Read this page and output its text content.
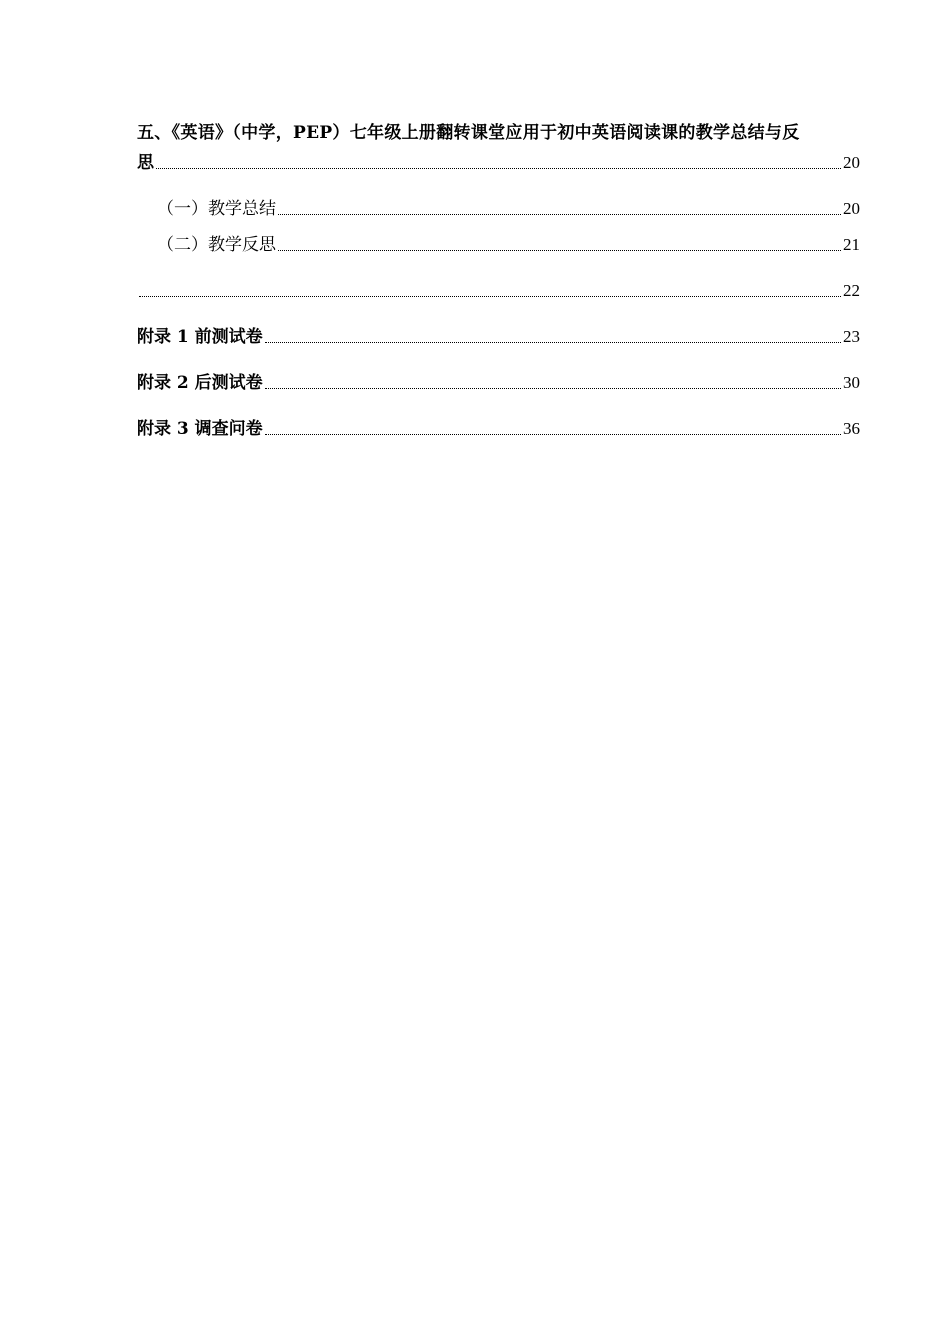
五、《英语》（中学，PEP）七年级上册翻转课堂应用于初中英语阅读课的教学总结与反
思	20
（一）教学总结	20
（二）教学反思	21
22
附录 1 前测试卷	23
附录 2 后测试卷	30
附录 3 调查问卷	36
